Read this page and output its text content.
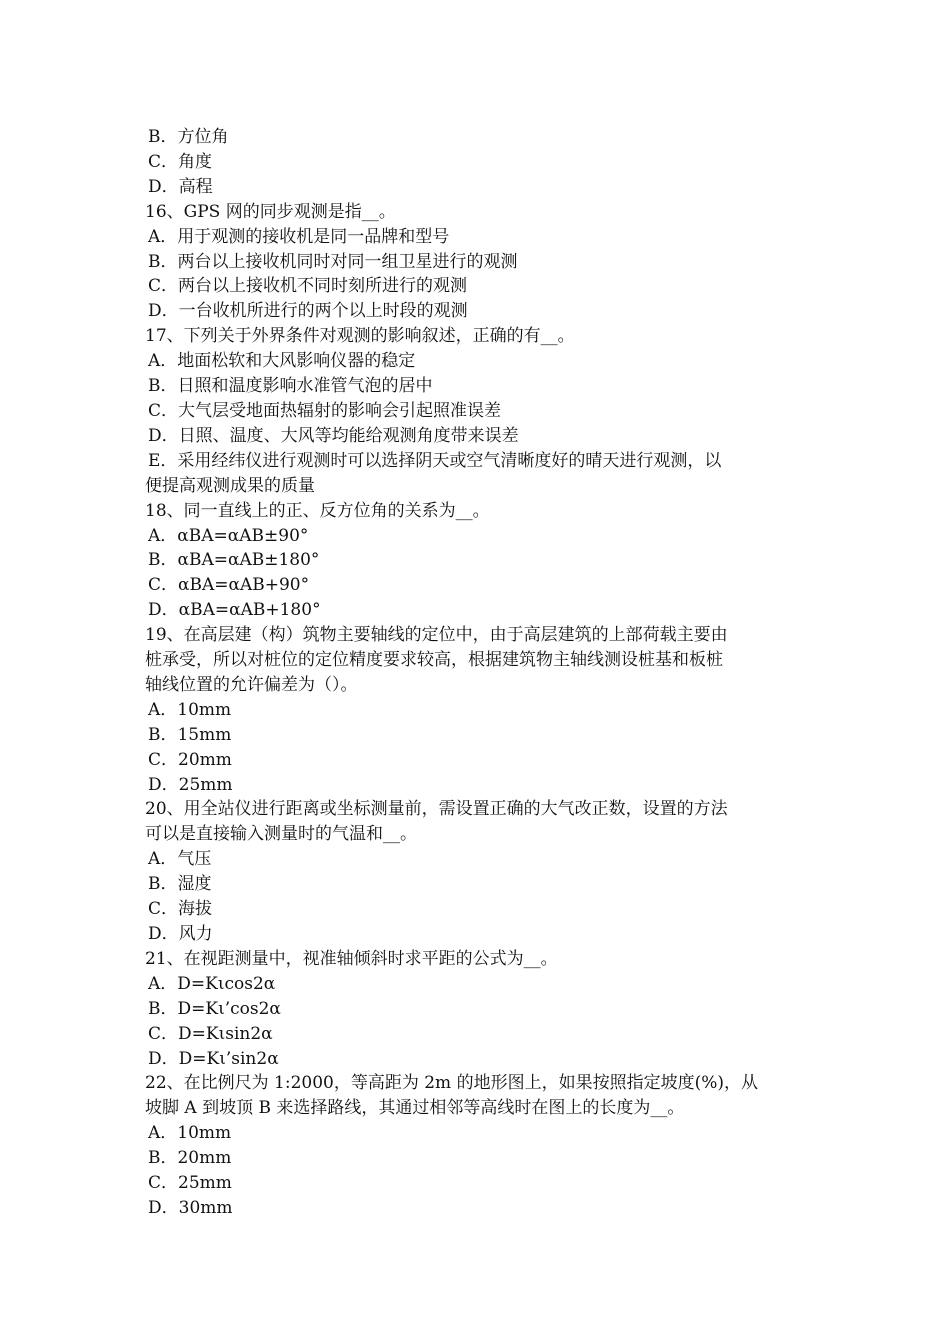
B．方位角
C．角度
D．高程
16、GPS 网的同步观测是指__。
A．用于观测的接收机是同一品牌和型号
B．两台以上接收机同时对同一组卫星进行的观测
C．两台以上接收机不同时刻所进行的观测
D．一台收机所进行的两个以上时段的观测
17、下列关于外界条件对观测的影响叙述，正确的有__。
A．地面松软和大风影响仪器的稳定
B．日照和温度影响水准管气泡的居中
C．大气层受地面热辐射的影响会引起照准误差
D．日照、温度、大风等均能给观测角度带来误差
E．采用经纬仪进行观测时可以选择阴天或空气清晰度好的晴天进行观测，以
便提高观测成果的质量
18、同一直线上的正、反方位角的关系为__。
A．αBA=αAB±90°
B．αBA=αAB±180°
C．αBA=αAB+90°
D．αBA=αAB+180°
19、在高层建（构）筑物主要轴线的定位中，由于高层建筑的上部荷载主要由
桩承受，所以对桩位的定位精度要求较高，根据建筑物主轴线测设桩基和板桩
轴线位置的允许偏差为（）。
A．10mm
B．15mm
C．20mm
D．25mm
20、用全站仪进行距离或坐标测量前，需设置正确的大气改正数，设置的方法
可以是直接输入测量时的气温和__。
A．气压
B．湿度
C．海拔
D．风力
21、在视距测量中，视准轴倾斜时求平距的公式为__。
A．D=Kιcos2α
B．D=Kι’cos2α
C．D=Kιsin2α
D．D=Kι’sin2α
22、在比例尺为 1:2000，等高距为 2m 的地形图上，如果按照指定坡度(%)，从
坡脚 A 到坡顶 B 来选择路线，其通过相邻等高线时在图上的长度为__。
A．10mm
B．20mm
C．25mm
D．30mm
